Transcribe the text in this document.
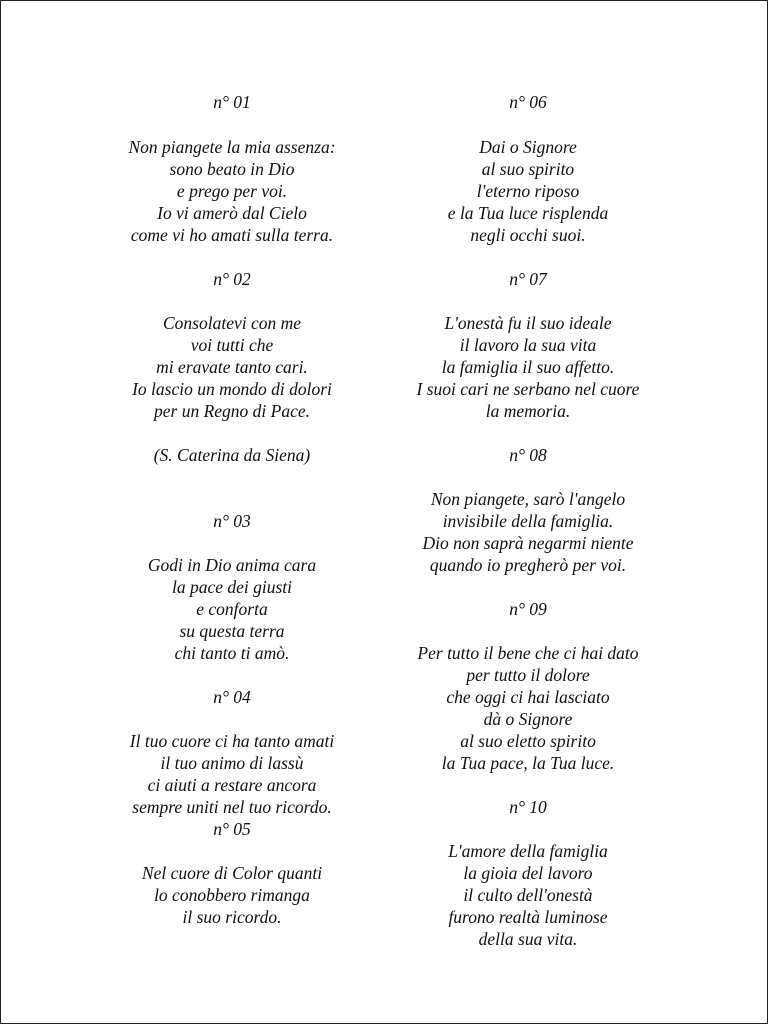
n° 01
Non piangete la mia assenza:
sono beato in Dio
e prego per voi.
Io vi amerò dal Cielo
come vi ho amati sulla terra.
n° 02
Consolatevi con me
voi tutti che
mi eravate tanto cari.
Io lascio un mondo di dolori
per un Regno di Pace.
(S. Caterina da Siena)
n° 03
Godi in Dio anima cara
la pace dei giusti
e conforta
su questa terra
chi tanto ti amò.
n° 04
Il tuo cuore ci ha tanto amati
il tuo animo di lassù
ci aiuti a restare ancora
sempre uniti nel tuo ricordo.
n° 05
Nel cuore di Color quanti
lo conobbero rimanga
il suo ricordo.
n° 06
Dai o Signore
al suo spirito
l'eterno riposo
e la Tua luce risplenda
negli occhi suoi.
n° 07
L'onestà fu il suo ideale
il lavoro la sua vita
la famiglia il suo affetto.
I suoi cari ne serbano nel cuore
la memoria.
n° 08
Non piangete, sarò l'angelo
invisibile della famiglia.
Dio non saprà negarmi niente
quando io pregherò per voi.
n° 09
Per tutto il bene che ci hai dato
per tutto il dolore
che oggi ci hai lasciato
dà o Signore
al suo eletto spirito
la Tua pace, la Tua luce.
n° 10
L'amore della famiglia
la gioia del lavoro
il culto dell'onestà
furono realtà luminose
della sua vita.
